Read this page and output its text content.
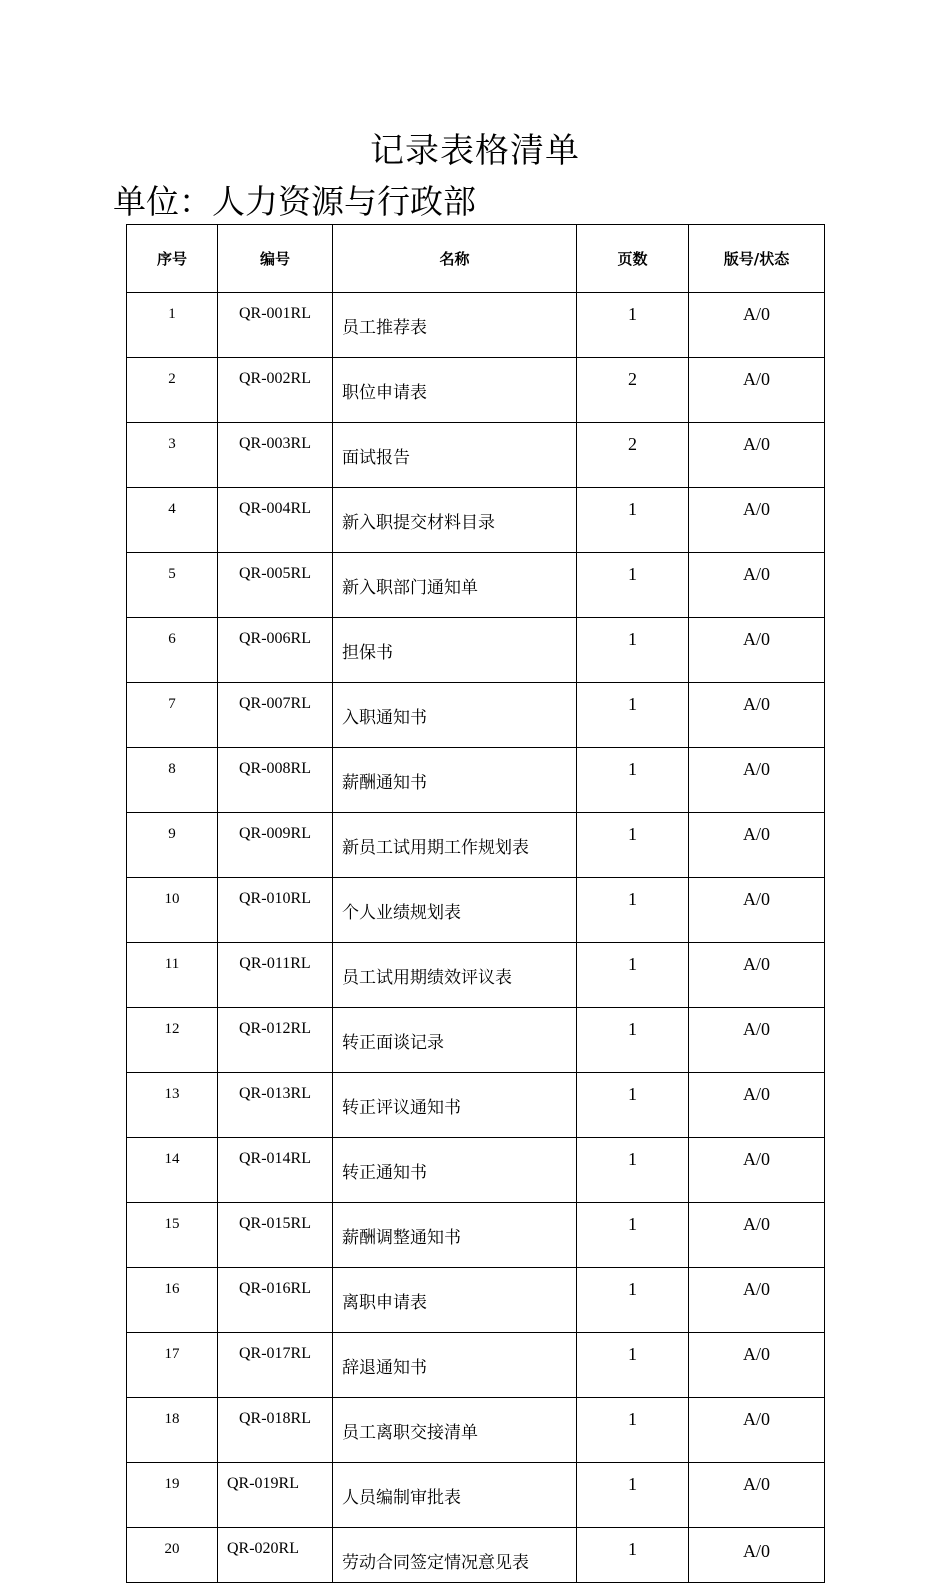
记录表格清单
单位：人力资源与行政部
序号	编号	名称	页数	版号/状态
1	QR-001RL	员工推荐表	1	A/0
2	QR-002RL	职位申请表	2	A/0
3	QR-003RL	面试报告	2	A/0
4	QR-004RL	新入职提交材料目录	1	A/0
5	QR-005RL	新入职部门通知单	1	A/0
6	QR-006RL	担保书	1	A/0
7	QR-007RL	入职通知书	1	A/0
8	QR-008RL	薪酬通知书	1	A/0
9	QR-009RL	新员工试用期工作规划表	1	A/0
10	QR-010RL	个人业绩规划表	1	A/0
11	QR-011RL	员工试用期绩效评议表	1	A/0
12	QR-012RL	转正面谈记录	1	A/0
13	QR-013RL	转正评议通知书	1	A/0
14	QR-014RL	转正通知书	1	A/0
15	QR-015RL	薪酬调整通知书	1	A/0
16	QR-016RL	离职申请表	1	A/0
17	QR-017RL	辞退通知书	1	A/0
18	QR-018RL	员工离职交接清单	1	A/0
19	QR-019RL	人员编制审批表	1	A/0
20	QR-020RL	劳动合同签定情况意见表	1	A/0
